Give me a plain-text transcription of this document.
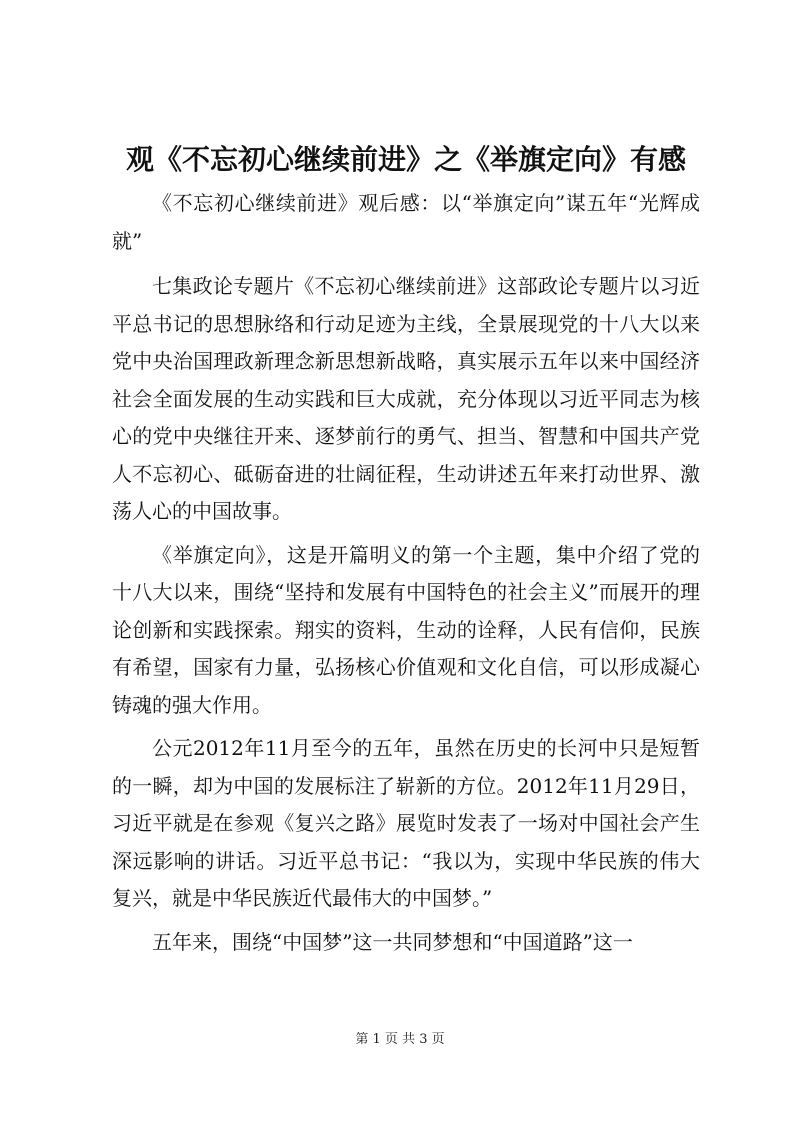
观《不忘初心继续前进》之《举旗定向》有感

《不忘初心继续前进》观后感：以“举旗定向”谋五年“光辉成就”

七集政论专题片《不忘初心继续前进》这部政论专题片以习近平总书记的思想脉络和行动足迹为主线，全景展现党的十八大以来党中央治国理政新理念新思想新战略，真实展示五年以来中国经济社会全面发展的生动实践和巨大成就，充分体现以习近平同志为核心的党中央继往开来、逐梦前行的勇气、担当、智慧和中国共产党人不忘初心、砥砺奋进的壮阔征程，生动讲述五年来打动世界、激荡人心的中国故事。

《举旗定向》，这是开篇明义的第一个主题，集中介绍了党的十八大以来，围绕“坚持和发展有中国特色的社会主义”而展开的理论创新和实践探索。翔实的资料，生动的诠释，人民有信仰，民族有希望，国家有力量，弘扬核心价值观和文化自信，可以形成凝心铸魂的强大作用。

公元2012年11月至今的五年，虽然在历史的长河中只是短暂的一瞬，却为中国的发展标注了崭新的方位。2012年11月29日，习近平就是在参观《复兴之路》展览时发表了一场对中国社会产生深远影响的讲话。习近平总书记：“我以为，实现中华民族的伟大复兴，就是中华民族近代最伟大的中国梦。”

五年来，围绕“中国梦”这一共同梦想和“中国道路”这一

第 1 页 共 3 页
